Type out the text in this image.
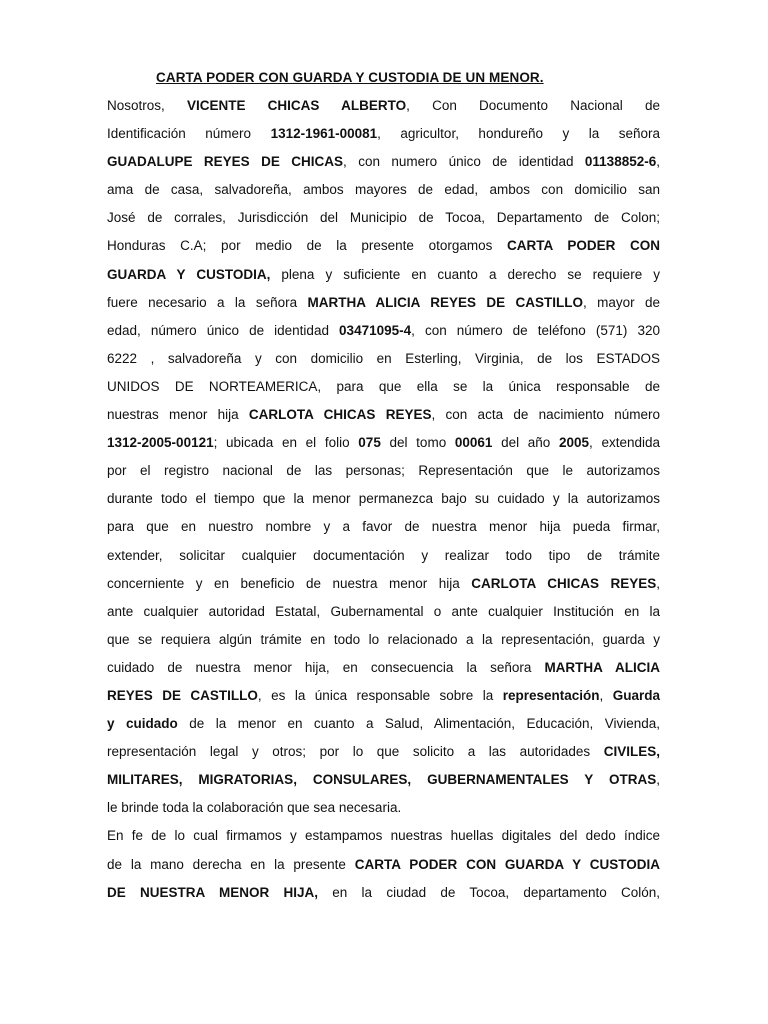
CARTA PODER CON GUARDA Y CUSTODIA DE UN MENOR.

Nosotros, VICENTE CHICAS ALBERTO, Con Documento Nacional de
Identificación número 1312-1961-00081, agricultor, hondureño y la señora
GUADALUPE REYES DE CHICAS, con numero único de identidad 01138852-6,
ama de casa, salvadoreña, ambos mayores de edad, ambos con domicilio san
José de corrales, Jurisdicción del Municipio de Tocoa, Departamento de Colon;
Honduras C.A; por medio de la presente otorgamos CARTA PODER CON
GUARDA Y CUSTODIA, plena y suficiente en cuanto a derecho se requiere y
fuere necesario a la señora MARTHA ALICIA REYES DE CASTILLO, mayor de
edad, número único de identidad 03471095-4, con número de teléfono (571) 320
6222 , salvadoreña y con domicilio en Esterling, Virginia, de los ESTADOS
UNIDOS DE NORTEAMERICA, para que ella se la única responsable de
nuestras menor hija CARLOTA CHICAS REYES, con acta de nacimiento número
1312-2005-00121; ubicada en el folio 075 del tomo 00061 del año 2005, extendida
por el registro nacional de las personas; Representación que le autorizamos
durante todo el tiempo que la menor permanezca bajo su cuidado y la autorizamos
para que en nuestro nombre y a favor de nuestra menor hija pueda firmar,
extender, solicitar cualquier documentación y realizar todo tipo de trámite
concerniente y en beneficio de nuestra menor hija CARLOTA CHICAS REYES,
ante cualquier autoridad Estatal, Gubernamental o ante cualquier Institución en la
que se requiera algún trámite en todo lo relacionado a la representación, guarda y
cuidado de nuestra menor hija, en consecuencia la señora MARTHA ALICIA
REYES DE CASTILLO, es la única responsable sobre la representación, Guarda
y cuidado de la menor en cuanto a Salud, Alimentación, Educación, Vivienda,
representación legal y otros; por lo que solicito a las autoridades CIVILES,
MILITARES, MIGRATORIAS, CONSULARES, GUBERNAMENTALES Y OTRAS,
le brinde toda la colaboración que sea necesaria.
En fe de lo cual firmamos y estampamos nuestras huellas digitales del dedo índice
de la mano derecha en la presente CARTA PODER CON GUARDA Y CUSTODIA
DE NUESTRA MENOR HIJA, en la ciudad de Tocoa, departamento Colón,
